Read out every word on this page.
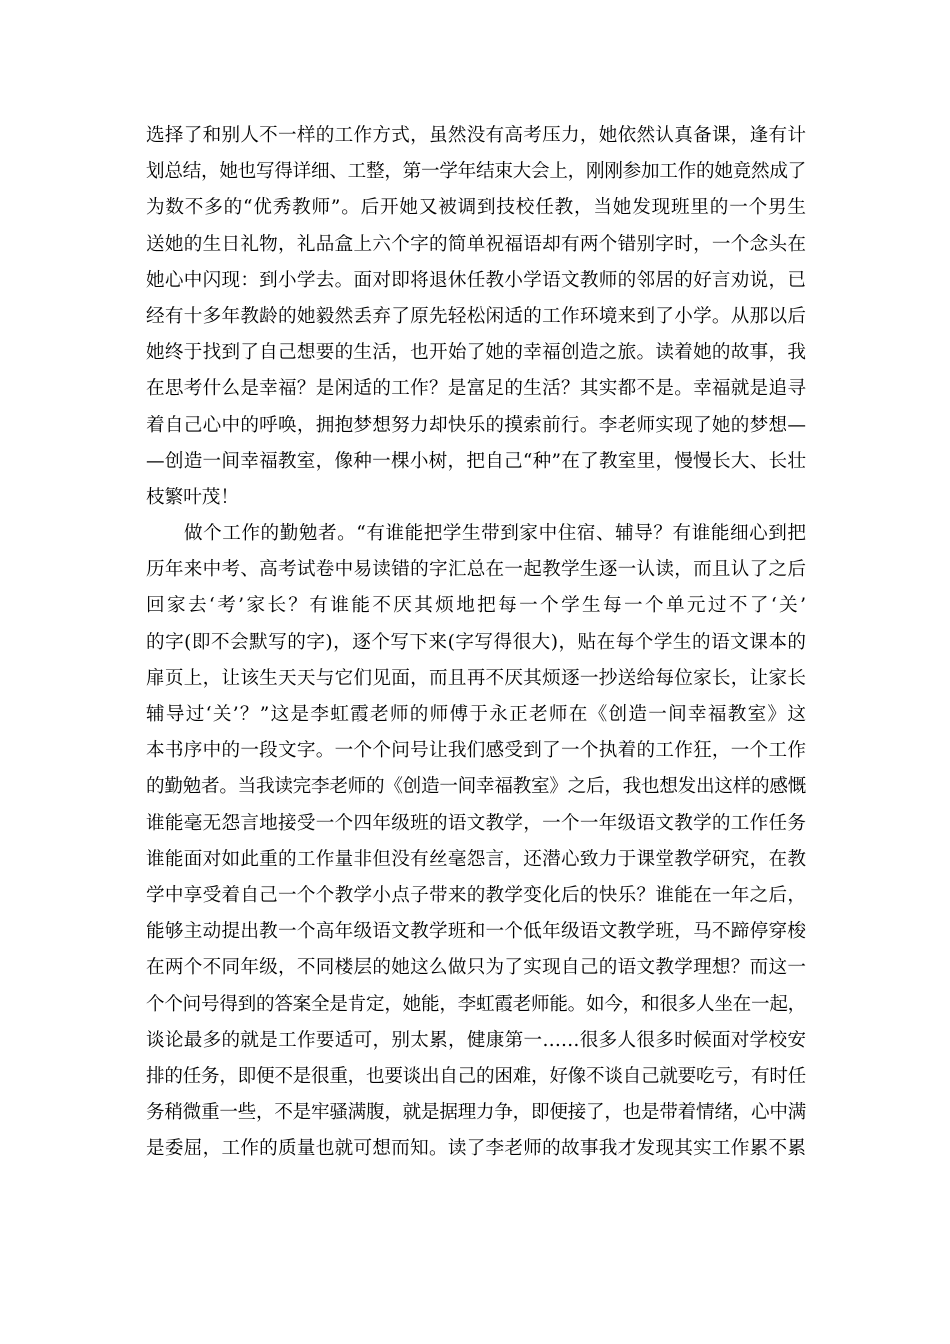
选择了和别人不一样的工作方式，虽然没有高考压力，她依然认真备课，逢有计
划总结，她也写得详细、工整，第一学年结束大会上，刚刚参加工作的她竟然成了
为数不多的“优秀教师”。后开她又被调到技校任教，当她发现班里的一个男生
送她的生日礼物，礼品盒上六个字的简单祝福语却有两个错别字时，一个念头在
她心中闪现：到小学去。面对即将退休任教小学语文教师的邻居的好言劝说，已
经有十多年教龄的她毅然丢弃了原先轻松闲适的工作环境来到了小学。从那以后
她终于找到了自己想要的生活，也开始了她的幸福创造之旅。读着她的故事，我
在思考什么是幸福？是闲适的工作？是富足的生活？其实都不是。幸福就是追寻
着自己心中的呼唤，拥抱梦想努力却快乐的摸索前行。李老师实现了她的梦想—
—创造一间幸福教室，像种一棵小树，把自己“种”在了教室里，慢慢长大、长壮
枝繁叶茂！
做个工作的勤勉者。“有谁能把学生带到家中住宿、辅导？有谁能细心到把
历年来中考、高考试卷中易读错的字汇总在一起教学生逐一认读，而且认了之后
回家去‘考’家长？有谁能不厌其烦地把每一个学生每一个单元过不了‘关’
的字(即不会默写的字)，逐个写下来(字写得很大)，贴在每个学生的语文课本的
扉页上，让该生天天与它们见面，而且再不厌其烦逐一抄送给每位家长，让家长
辅导过‘关’？”这是李虹霞老师的师傅于永正老师在《创造一间幸福教室》这
本书序中的一段文字。一个个问号让我们感受到了一个执着的工作狂，一个工作
的勤勉者。当我读完李老师的《创造一间幸福教室》之后，我也想发出这样的感慨
谁能毫无怨言地接受一个四年级班的语文教学，一个一年级语文教学的工作任务
谁能面对如此重的工作量非但没有丝毫怨言，还潜心致力于课堂教学研究，在教
学中享受着自己一个个教学小点子带来的教学变化后的快乐？谁能在一年之后，
能够主动提出教一个高年级语文教学班和一个低年级语文教学班，马不蹄停穿梭
在两个不同年级，不同楼层的她这么做只为了实现自己的语文教学理想？而这一
个个问号得到的答案全是肯定，她能，李虹霞老师能。如今，和很多人坐在一起，
谈论最多的就是工作要适可，别太累，健康第一……很多人很多时候面对学校安
排的任务，即便不是很重，也要谈出自己的困难，好像不谈自己就要吃亏，有时任
务稍微重一些，不是牢骚满腹，就是据理力争，即便接了，也是带着情绪，心中满
是委屈，工作的质量也就可想而知。读了李老师的故事我才发现其实工作累不累
